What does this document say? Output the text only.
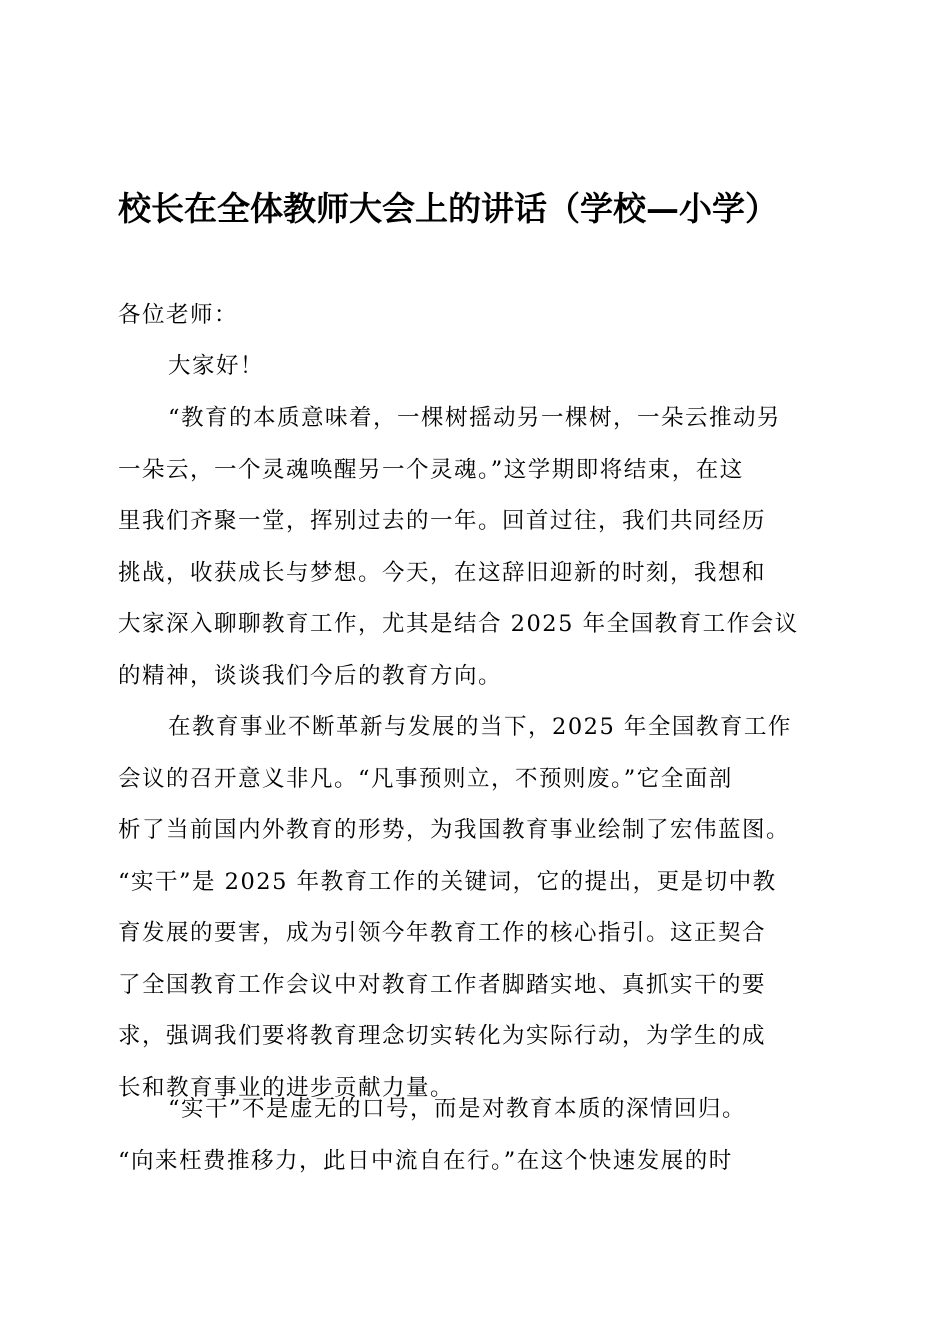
校长在全体教师大会上的讲话（学校—小学）
各位老师：
大家好！
“教育的本质意味着，一棵树摇动另一棵树，一朵云推动另
一朵云，一个灵魂唤醒另一个灵魂。”这学期即将结束，在这
里我们齐聚一堂，挥别过去的一年。回首过往，我们共同经历
挑战，收获成长与梦想。今天，在这辞旧迎新的时刻，我想和
大家深入聊聊教育工作，尤其是结合 2025 年全国教育工作会议
的精神，谈谈我们今后的教育方向。
在教育事业不断革新与发展的当下，2025 年全国教育工作
会议的召开意义非凡。“凡事预则立，不预则废。”它全面剖
析了当前国内外教育的形势，为我国教育事业绘制了宏伟蓝图。
“实干”是 2025 年教育工作的关键词，它的提出，更是切中教
育发展的要害，成为引领今年教育工作的核心指引。这正契合
了全国教育工作会议中对教育工作者脚踏实地、真抓实干的要
求，强调我们要将教育理念切实转化为实际行动，为学生的成
长和教育事业的进步贡献力量。
“实干”不是虚无的口号，而是对教育本质的深情回归。
“向来枉费推移力，此日中流自在行。”在这个快速发展的时
